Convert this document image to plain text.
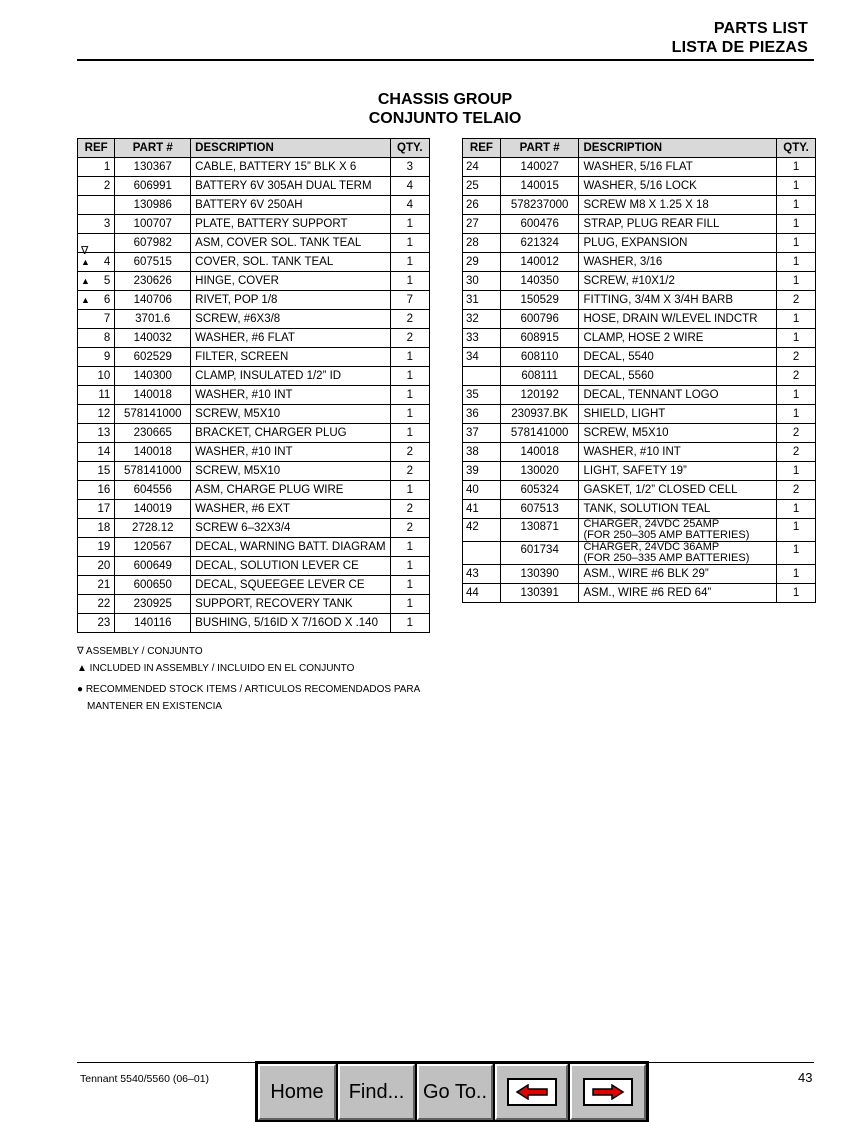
PARTS LIST
LISTA DE PIEZAS
CHASSIS GROUP
CONJUNTO TELAIO
REF	PART #	DESCRIPTION	QTY.
1	130367	CABLE, BATTERY 15” BLK X 6	3
2	606991	BATTERY 6V 305AH DUAL TERM	4
	130986	BATTERY 6V 250AH	4
3	100707	PLATE, BATTERY SUPPORT	1

∇	607982	ASM, COVER SOL. TANK TEAL	1

▲ 4	607515	COVER, SOL. TANK TEAL	1

▲ 5	230626	HINGE, COVER	1

▲ 6	140706	RIVET, POP 1/8	7
7	3701.6	SCREW, #6X3/8	2
8	140032	WASHER, #6 FLAT	2
9	602529	FILTER, SCREEN	1
10	140300	CLAMP, INSULATED 1/2” ID	1
11	140018	WASHER, #10 INT	1
12	578141000	SCREW, M5X10	1
13	230665	BRACKET, CHARGER PLUG	1
14	140018	WASHER, #10 INT	2
15	578141000	SCREW, M5X10	2
16	604556	ASM, CHARGE PLUG WIRE	1
17	140019	WASHER, #6 EXT	2
18	2728.12	SCREW 6–32X3/4	2
19	120567	DECAL, WARNING BATT. DIAGRAM	1
20	600649	DECAL, SOLUTION LEVER CE	1
21	600650	DECAL, SQUEEGEE LEVER CE	1
22	230925	SUPPORT, RECOVERY TANK	1
23	140116	BUSHING, 5/16ID X 7/16OD X .140	1
REF	PART #	DESCRIPTION	QTY.
24	140027	WASHER, 5/16 FLAT	1
25	140015	WASHER, 5/16 LOCK	1
26	578237000	SCREW M8 X 1.25 X 18	1
27	600476	STRAP, PLUG REAR FILL	1
28	621324	PLUG, EXPANSION	1
29	140012	WASHER, 3/16	1
30	140350	SCREW, #10X1/2	1
31	150529	FITTING, 3/4M X 3/4H BARB	2
32	600796	HOSE, DRAIN W/LEVEL INDCTR	1
33	608915	CLAMP, HOSE 2 WIRE	1
34	608110	DECAL, 5540	2
	608111	DECAL, 5560	2
35	120192	DECAL, TENNANT LOGO	1
36	230937.BK	SHIELD, LIGHT	1
37	578141000	SCREW, M5X10	2
38	140018	WASHER, #10 INT	2
39	130020	LIGHT, SAFETY 19”	1
40	605324	GASKET, 1/2” CLOSED CELL	2
41	607513	TANK, SOLUTION TEAL	1
42	130871	CHARGER, 24VDC 25AMP
(FOR 250–305 AMP BATTERIES)	1
	601734	CHARGER, 24VDC 36AMP
(FOR 250–335 AMP BATTERIES)	1
43	130390	ASM., WIRE #6 BLK 29”	1
44	130391	ASM., WIRE #6 RED 64”	1
∇ ASSEMBLY / CONJUNTO
▲ INCLUDED IN ASSEMBLY / INCLUIDO EN EL CONJUNTO
● RECOMMENDED STOCK ITEMS / ARTICULOS RECOMENDADOS PARA
MANTENER EN EXISTENCIA
Tennant 5540/5560 (06–01)	43
Home	Find... Go To..
